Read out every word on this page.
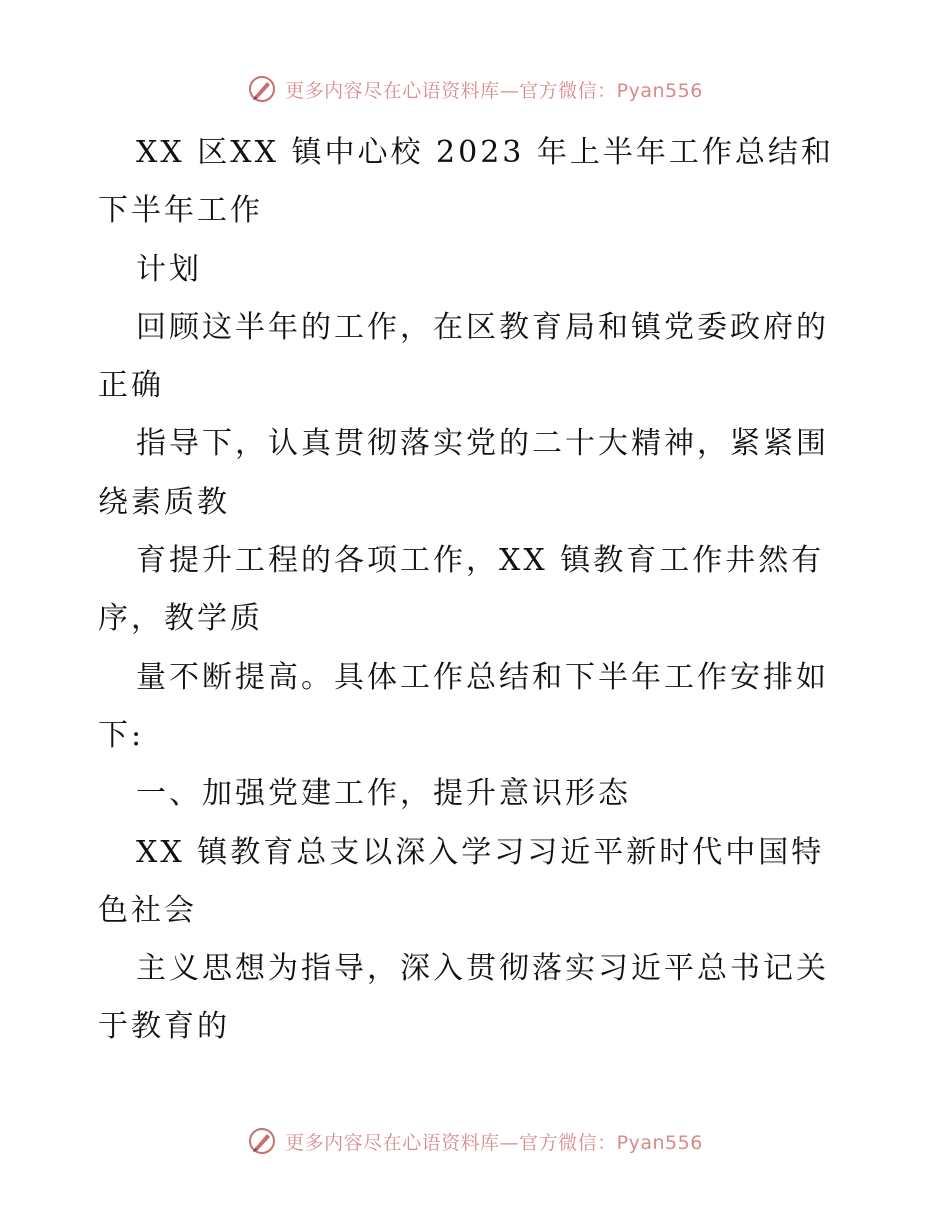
更多内容尽在心语资料库—官方微信：Pyan556
XX 区XX 镇中心校 2023 年上半年工作总结和
下半年工作
计划
回顾这半年的工作，在区教育局和镇党委政府的
正确
指导下，认真贯彻落实党的二十大精神，紧紧围
绕素质教
育提升工程的各项工作，XX 镇教育工作井然有
序，教学质
量不断提高。具体工作总结和下半年工作安排如
下:
一、加强党建工作，提升意识形态
XX 镇教育总支以深入学习习近平新时代中国特
色社会
主义思想为指导，深入贯彻落实习近平总书记关
于教育的
更多内容尽在心语资料库—官方微信：Pyan556
